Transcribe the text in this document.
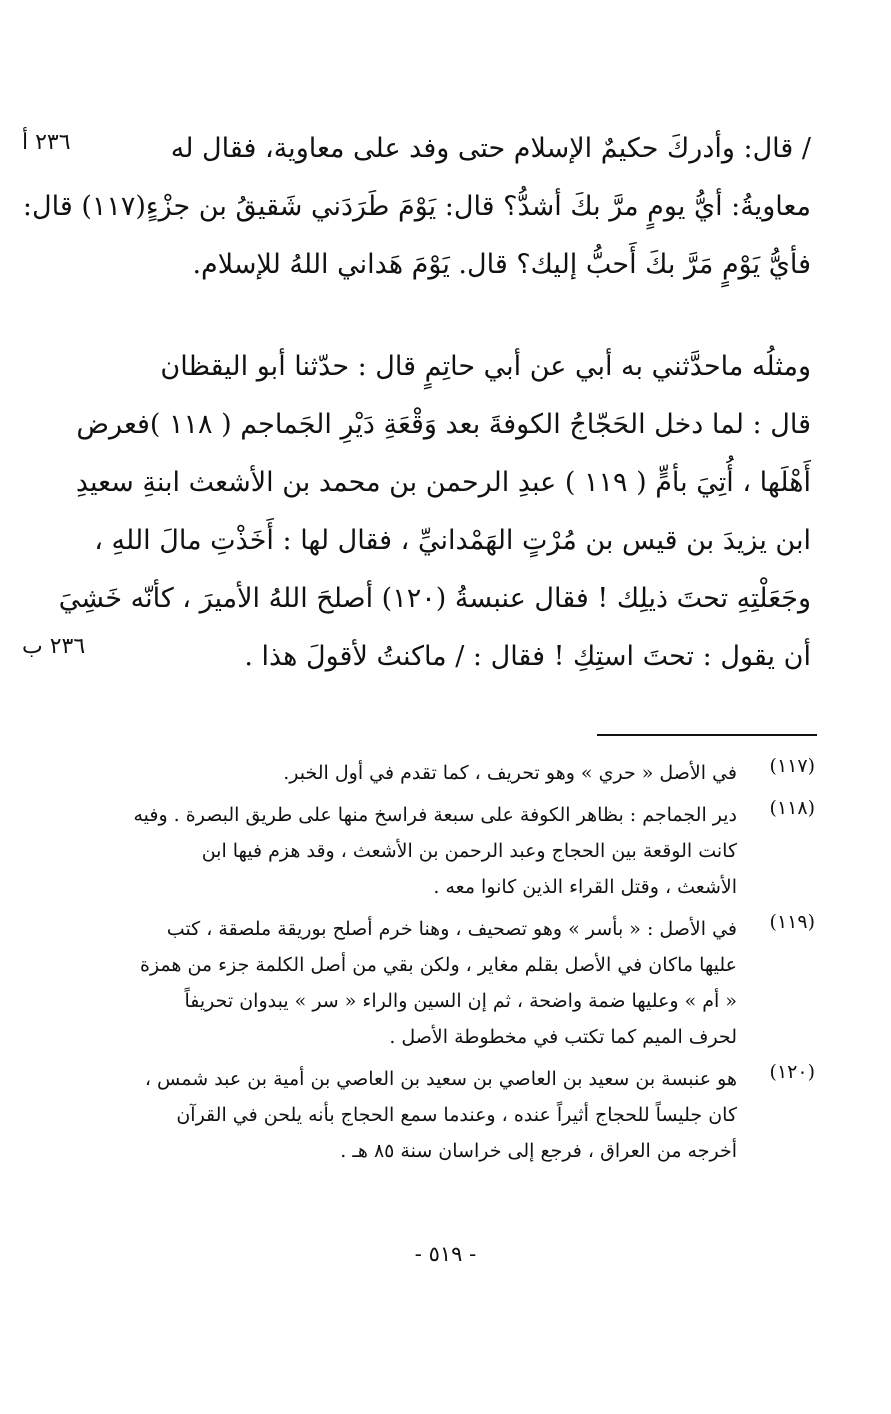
٢٣٦ أ
٢٣٦ ب
/ قال: وأدركَ حكيمٌ الإسلام حتى وفد على معاوية، فقال له
معاويةُ: أيُّ يومٍ مرَّ بكَ أشدُّ؟ قال: يَوْمَ طَرَدَني شَقيقُ بن جزْءٍ(١١٧) قال:
فأيُّ يَوْمٍ مَرَّ بكَ أَحبُّ إليك؟ قال. يَوْمَ هَداني اللهُ للإسلام.
ومثلُه ماحدَّثني به أبي عن أبي حاتِمٍ قال : حدّثنا أبو اليقظان
قال : لما دخل الحَجّاجُ الكوفةَ بعد وَقْعَةِ دَيْرِ الجَماجم ( ١١٨ )فعرض
أَهْلَها ، أُتِيَ بأمٍّ ( ١١٩ ) عبدِ الرحمن بن محمد بن الأشعث ابنةِ سعيدِ
ابن يزيدَ بن قيس بن مُرْتٍ الهَمْدانيِّ ، فقال لها : أَخَذْتِ مالَ اللهِ ،
وجَعَلْتِهِ تحتَ ذيلِك ! فقال عنبسةُ (١٢٠) أصلحَ اللهُ الأميرَ ، كأنّه خَشِيَ
أن يقول : تحتَ استِكِ ! فقال : / ماكنتُ لأقولَ هذا .
(١١٧)
في الأصل « حري » وهو تحريف ، كما تقدم في أول الخبر.
(١١٨)
دير الجماجم : بظاهر الكوفة على سبعة فراسخ منها على طريق البصرة . وفيه
كانت الوقعة بين الحجاج وعبد الرحمن بن الأشعث ، وقد هزم فيها ابن
الأشعث ، وقتل القراء الذين كانوا معه .
(١١٩)
في الأصل : « بأسر » وهو تصحيف ، وهنا خرم أصلح بوريقة ملصقة ، كتب
عليها ماكان في الأصل بقلم مغاير ، ولكن بقي من أصل الكلمة جزء من همزة
« أم » وعليها ضمة واضحة ، ثم إن السين والراء « سر » يبدوان تحريفاً
لحرف الميم كما تكتب في مخطوطة الأصل .
(١٢٠)
هو عنبسة بن سعيد بن العاصي بن سعيد بن العاصي بن أمية بن عبد شمس ،
كان جليساً للحجاج أثيراً عنده ، وعندما سمع الحجاج بأنه يلحن في القرآن
أخرجه من العراق ، فرجع إلى خراسان سنة ٨٥ هـ .
- ٥١٩ -
